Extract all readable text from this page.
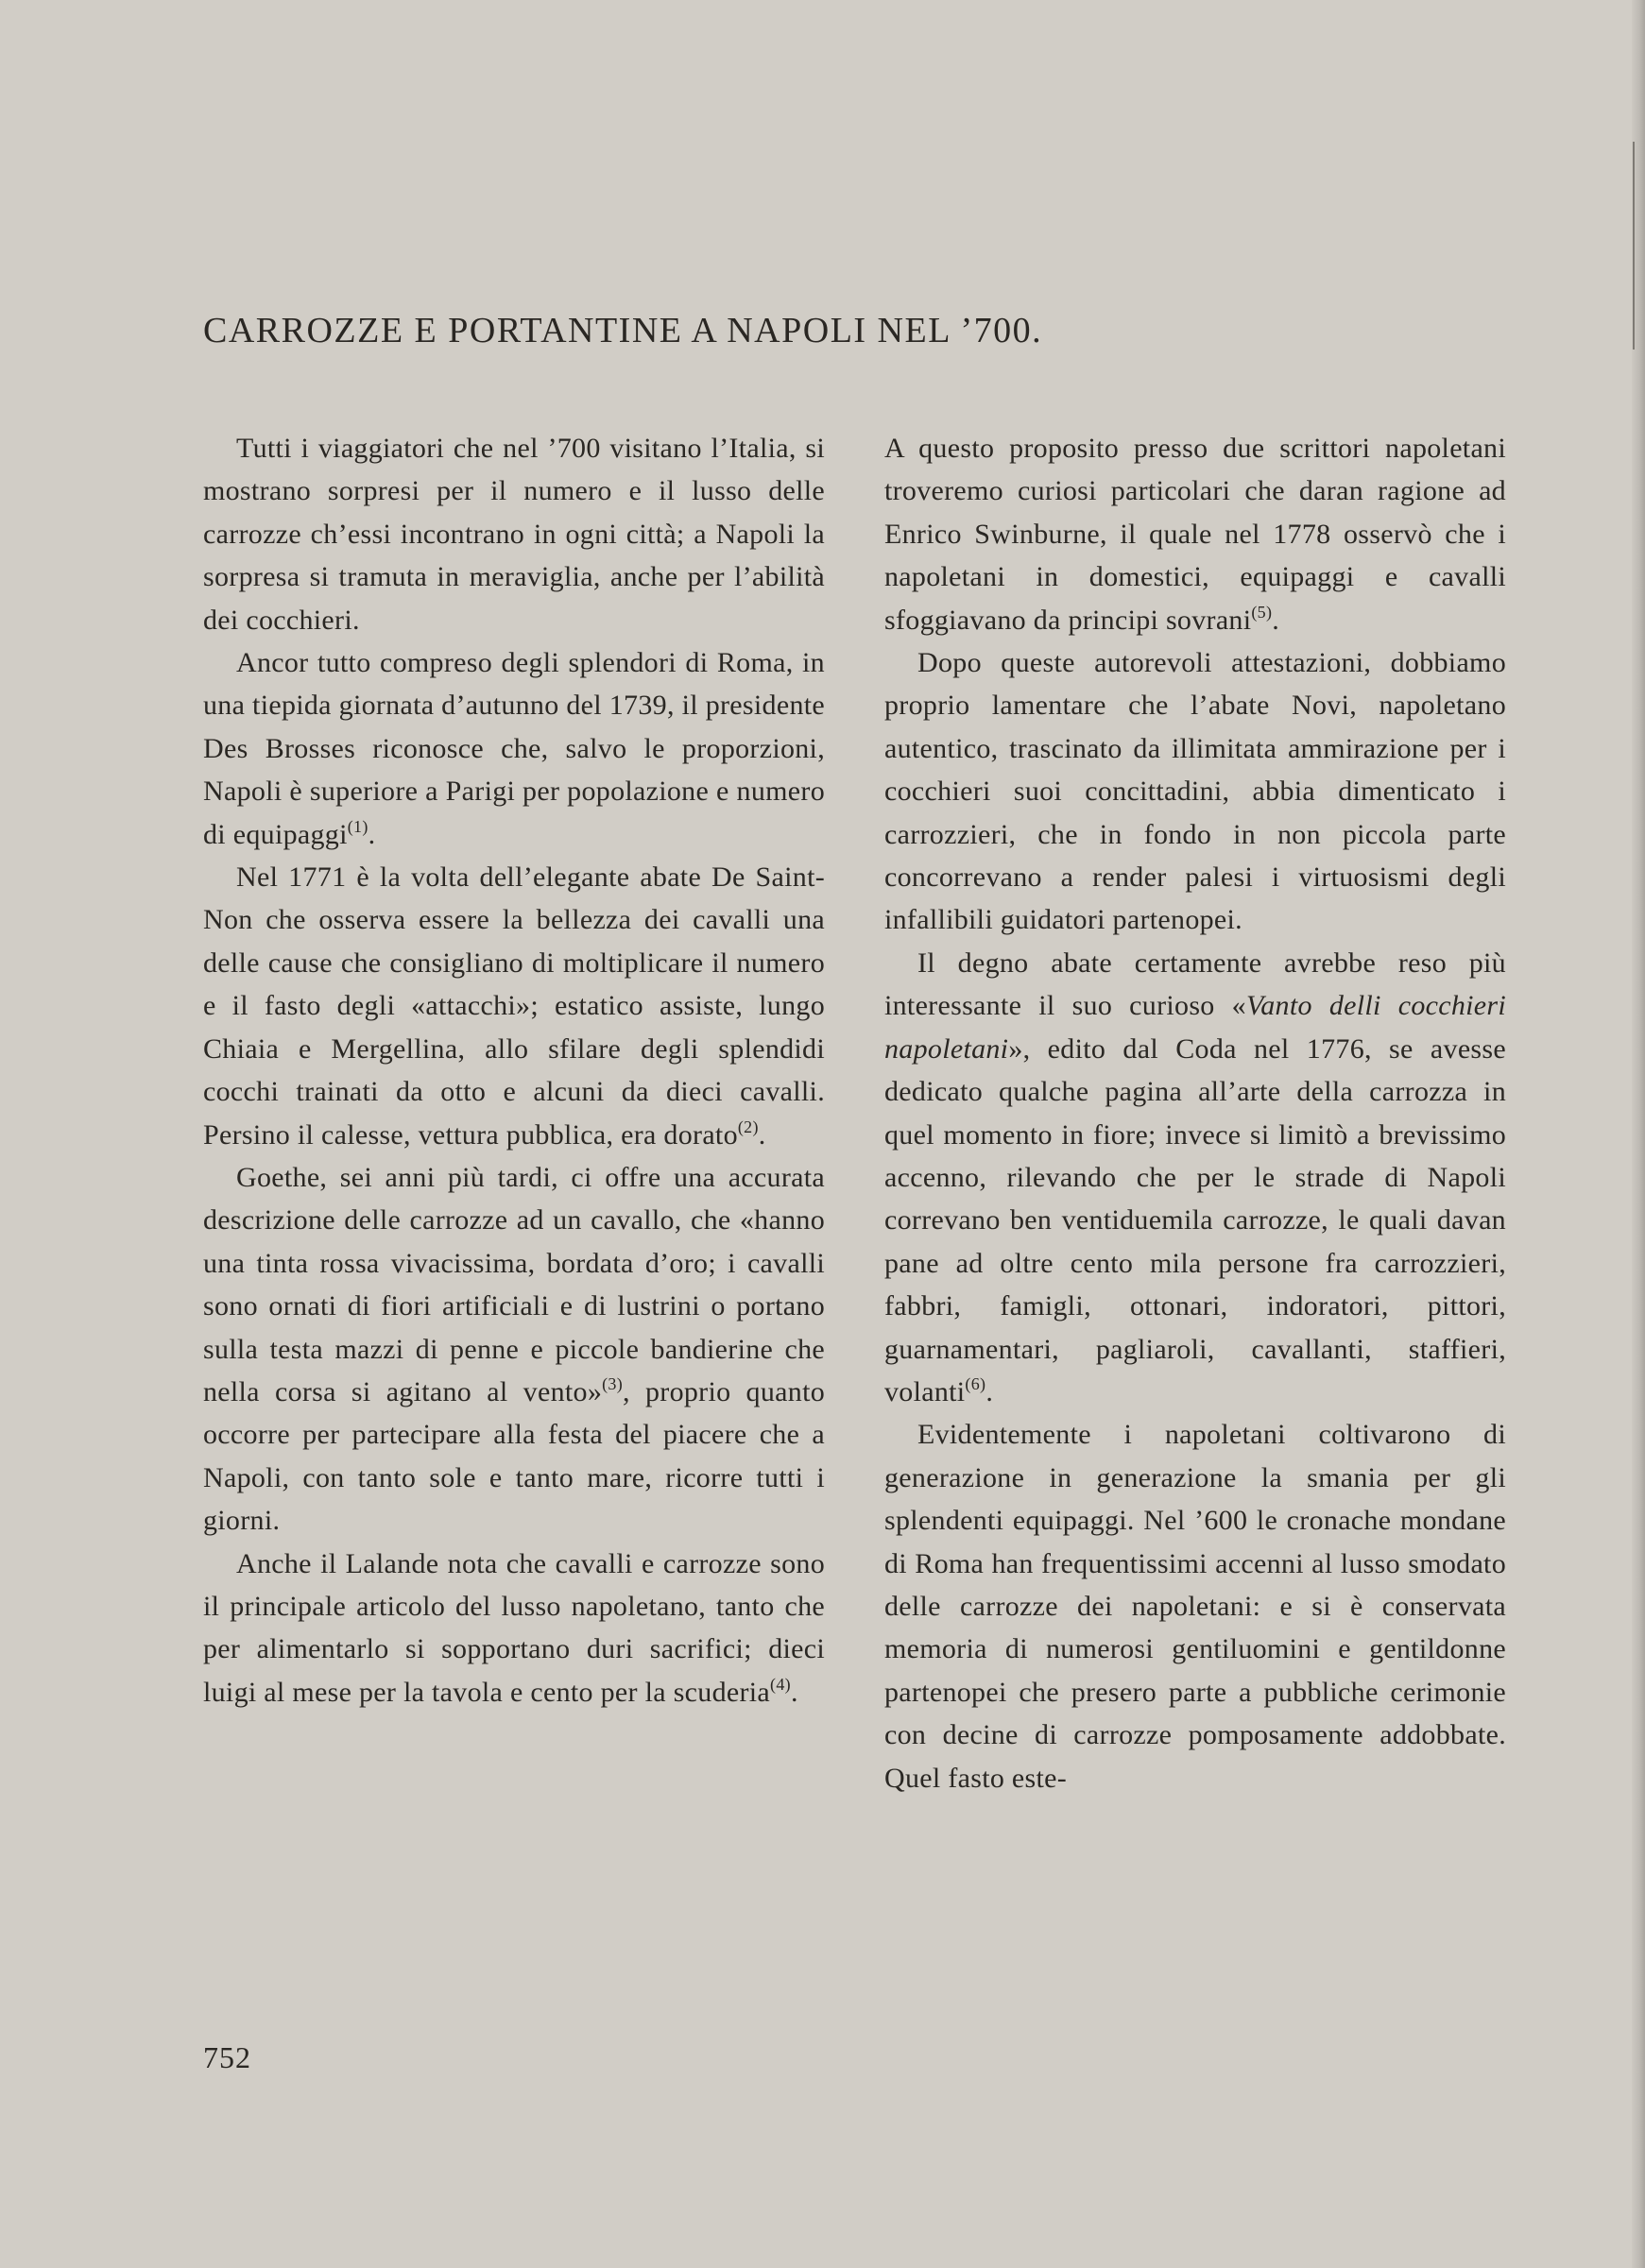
CARROZZE E PORTANTINE A NAPOLI NEL ’700.

Tutti i viaggiatori che nel ’700 visitano l’Italia, si mostrano sorpresi per il numero e il lusso delle carrozze ch’essi incontrano in ogni città; a Napoli la sorpresa si tramuta in meraviglia, anche per l’abilità dei cocchieri.

Ancor tutto compreso degli splendori di Roma, in una tiepida giornata d’autunno del 1739, il presidente Des Brosses riconosce che, salvo le proporzioni, Napoli è superiore a Parigi per popolazione e numero di equipaggi$^{(1)}$.

Nel 1771 è la volta dell’elegante abate De Saint-Non che osserva essere la bellezza dei cavalli una delle cause che consigliano di moltiplicare il numero e il fasto degli «attacchi»; estatico assiste, lungo Chiaia e Mergellina, allo sfilare degli splendidi cocchi trainati da otto e alcuni da dieci cavalli. Persino il calesse, vettura pubblica, era dorato$^{(2)}$.

Goethe, sei anni più tardi, ci offre una accurata descrizione delle carrozze ad un cavallo, che «hanno una tinta rossa vivacissima, bordata d’oro; i cavalli sono ornati di fiori artificiali e di lustrini o portano sulla testa mazzi di penne e piccole bandierine che nella corsa si agitano al vento»$^{(3)}$, proprio quanto occorre per partecipare alla festa del piacere che a Napoli, con tanto sole e tanto mare, ricorre tutti i giorni.

Anche il Lalande nota che cavalli e carrozze sono il principale articolo del lusso napoletano, tanto che per alimentarlo si sopportano duri sacrifici; dieci luigi al mese per la tavola e cento per la scuderia$^{(4)}$.

A questo proposito presso due scrittori napoletani troveremo curiosi particolari che daran ragione ad Enrico Swinburne, il quale nel 1778 osservò che i napoletani in domestici, equipaggi e cavalli sfoggiavano da principi sovrani$^{(5)}$.

Dopo queste autorevoli attestazioni, dobbiamo proprio lamentare che l’abate Novi, napoletano autentico, trascinato da illimitata ammirazione per i cocchieri suoi concittadini, abbia dimenticato i carrozzieri, che in fondo in non piccola parte concorrevano a render palesi i virtuosismi degli infallibili guidatori partenopei.

Il degno abate certamente avrebbe reso più interessante il suo curioso «Vanto delli cocchieri napoletani», edito dal Coda nel 1776, se avesse dedicato qualche pagina all’arte della carrozza in quel momento in fiore; invece si limitò a brevissimo accenno, rilevando che per le strade di Napoli correvano ben ventiduemila carrozze, le quali davan pane ad oltre cento mila persone fra carrozzieri, fabbri, famigli, ottonari, indoratori, pittori, guarnamentari, pagliaroli, cavallanti, staffieri, volanti$^{(6)}$.

Evidentemente i napoletani coltivarono di generazione in generazione la smania per gli splendenti equipaggi. Nel ’600 le cronache mondane di Roma han frequentissimi accenni al lusso smodato delle carrozze dei napoletani: e si è conservata memoria di numerosi gentiluomini e gentildonne partenopei che presero parte a pubbliche cerimonie con decine di carrozze pomposamente addobbate. Quel fasto este-

752
